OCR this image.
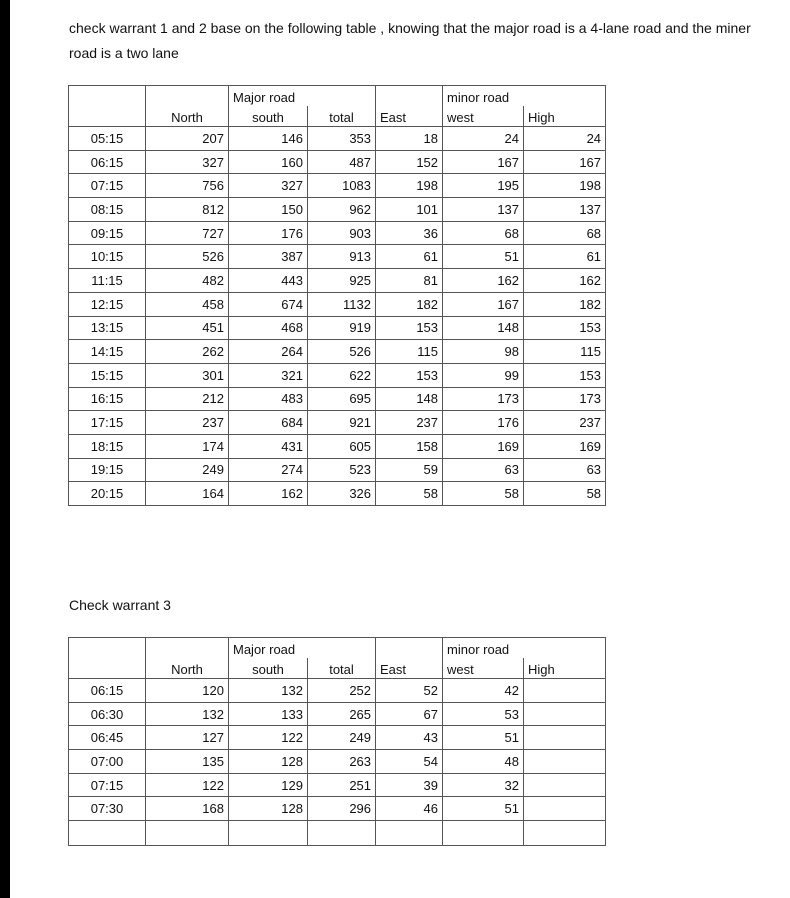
check warrant 1 and 2 base on the following table , knowing that the major road is a 4-lane road and the miner road is a two lane

		Major road			minor road	
	North	south	total	East	west	High
05:15	207	146	353	18	24	24
06:15	327	160	487	152	167	167
07:15	756	327	1083	198	195	198
08:15	812	150	962	101	137	137
09:15	727	176	903	36	68	68
10:15	526	387	913	61	51	61
11:15	482	443	925	81	162	162
12:15	458	674	1132	182	167	182
13:15	451	468	919	153	148	153
14:15	262	264	526	115	98	115
15:15	301	321	622	153	99	153
16:15	212	483	695	148	173	173
17:15	237	684	921	237	176	237
18:15	174	431	605	158	169	169
19:15	249	274	523	59	63	63
20:15	164	162	326	58	58	58

Check warrant 3

		Major road			minor road	
	North	south	total	East	west	High
06:15	120	132	252	52	42	
06:30	132	133	265	67	53	
06:45	127	122	249	43	51	
07:00	135	128	263	54	48	
07:15	122	129	251	39	32	
07:30	168	128	296	46	51	
